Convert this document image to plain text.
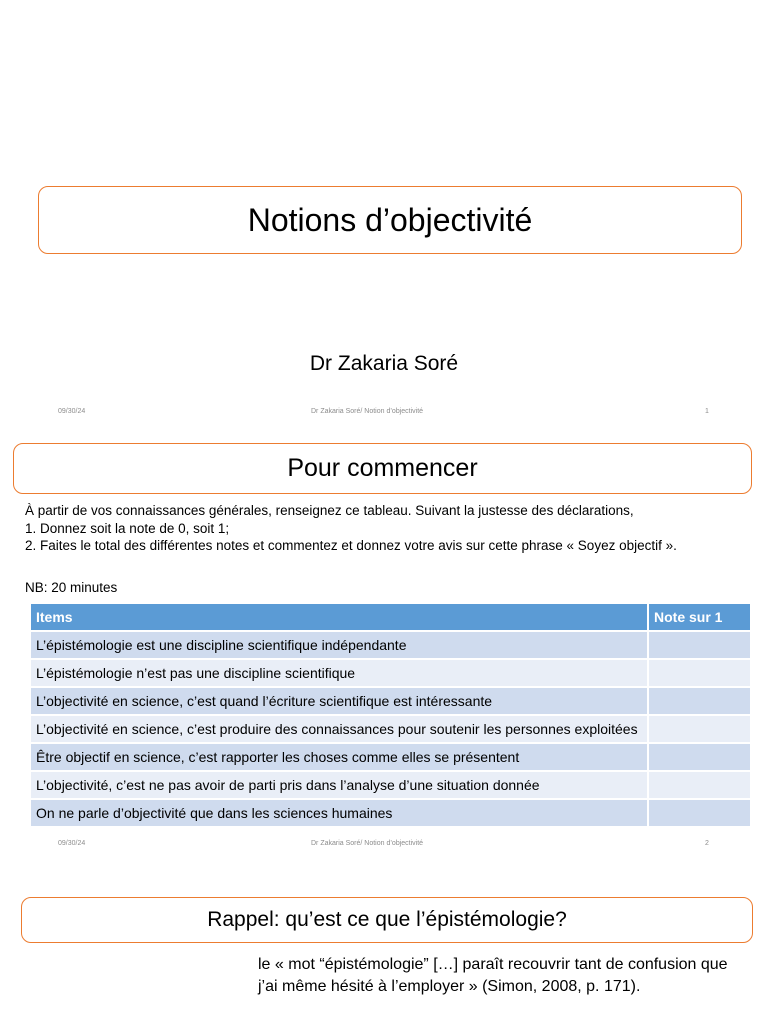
Notions d’objectivité
Dr Zakaria Soré
09/30/24	Dr Zakaria Soré/ Notion d’objectivité	1
Pour commencer

À partir de vos connaissances générales, renseignez ce tableau. Suivant la justesse des déclarations,

1. Donnez soit la note de 0, soit 1;

2. Faites le total des différentes notes et commentez et donnez votre avis sur cette phrase « Soyez objectif ».

NB: 20 minutes
Items	Note sur 1
L’épistémologie est une discipline scientifique indépendante	
L’épistémologie n’est pas une discipline scientifique	
L’objectivité en science, c’est quand l’écriture scientifique est intéressante	
L’objectivité en science, c’est produire des connaissances pour soutenir les personnes exploitées	
Être objectif en science, c’est rapporter les choses comme elles se présentent	
L’objectivité, c’est ne pas avoir de parti pris dans l’analyse d’une situation donnée	
On ne parle d’objectivité que dans les sciences humaines	
09/30/24	Dr Zakaria Soré/ Notion d’objectivité	2
Rappel: qu’est ce que l’épistémologie?
le « mot “épistémologie” […] paraît recouvrir tant de confusion que j’ai même hésité à l’employer » (Simon, 2008, p. 171).
